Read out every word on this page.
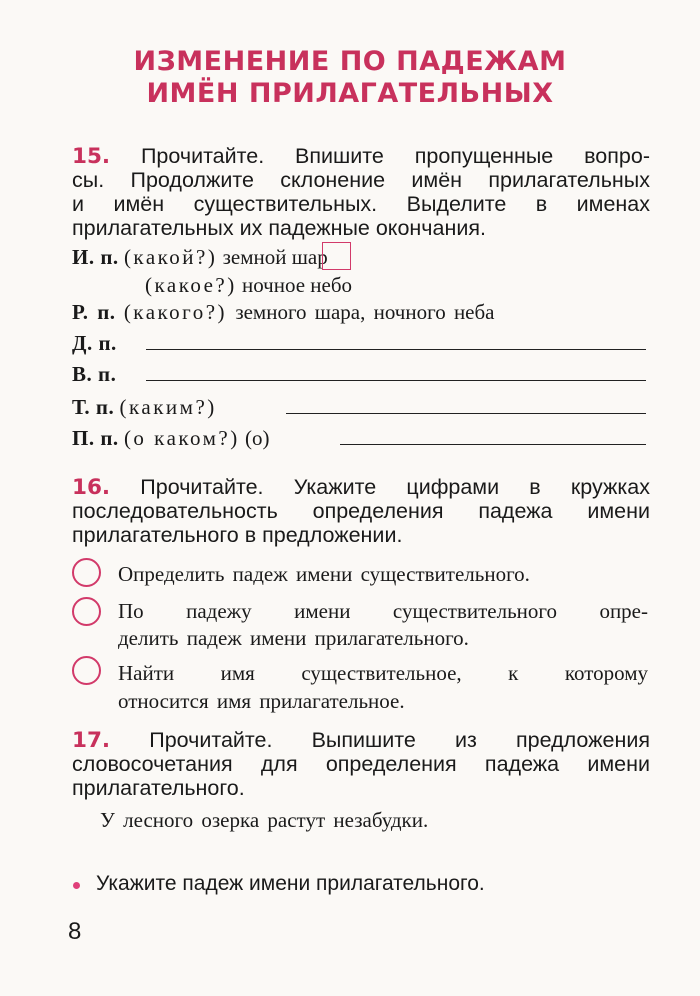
ИЗМЕНЕНИЕ ПО ПАДЕЖАМ
ИМЁН ПРИЛАГАТЕЛЬНЫХ
15. Прочитайте. Впишите пропущенные вопро-
сы. Продолжите склонение имён прилагательных
и имён существительных. Выделите в именах
прилагательных их падежные окончания.
И. п. (какой?) земной шар
(какое?) ночное небо
Р. п. (какого?) земного шара, ночного неба
Д. п.
В. п.
Т. п. (каким?)
П. п. (о каком?) (о)
16. Прочитайте. Укажите цифрами в кружках
последовательность определения падежа имени
прилагательного в предложении.
Определить падеж имени существительного.
По падежу имени существительного опре-
делить падеж имени прилагательного.
Найти имя существительное, к которому
относится имя прилагательное.
17. Прочитайте. Выпишите из предложения
словосочетания для определения падежа имени
прилагательного.
У лесного озерка растут незабудки.
Укажите падеж имени прилагательного.
8
